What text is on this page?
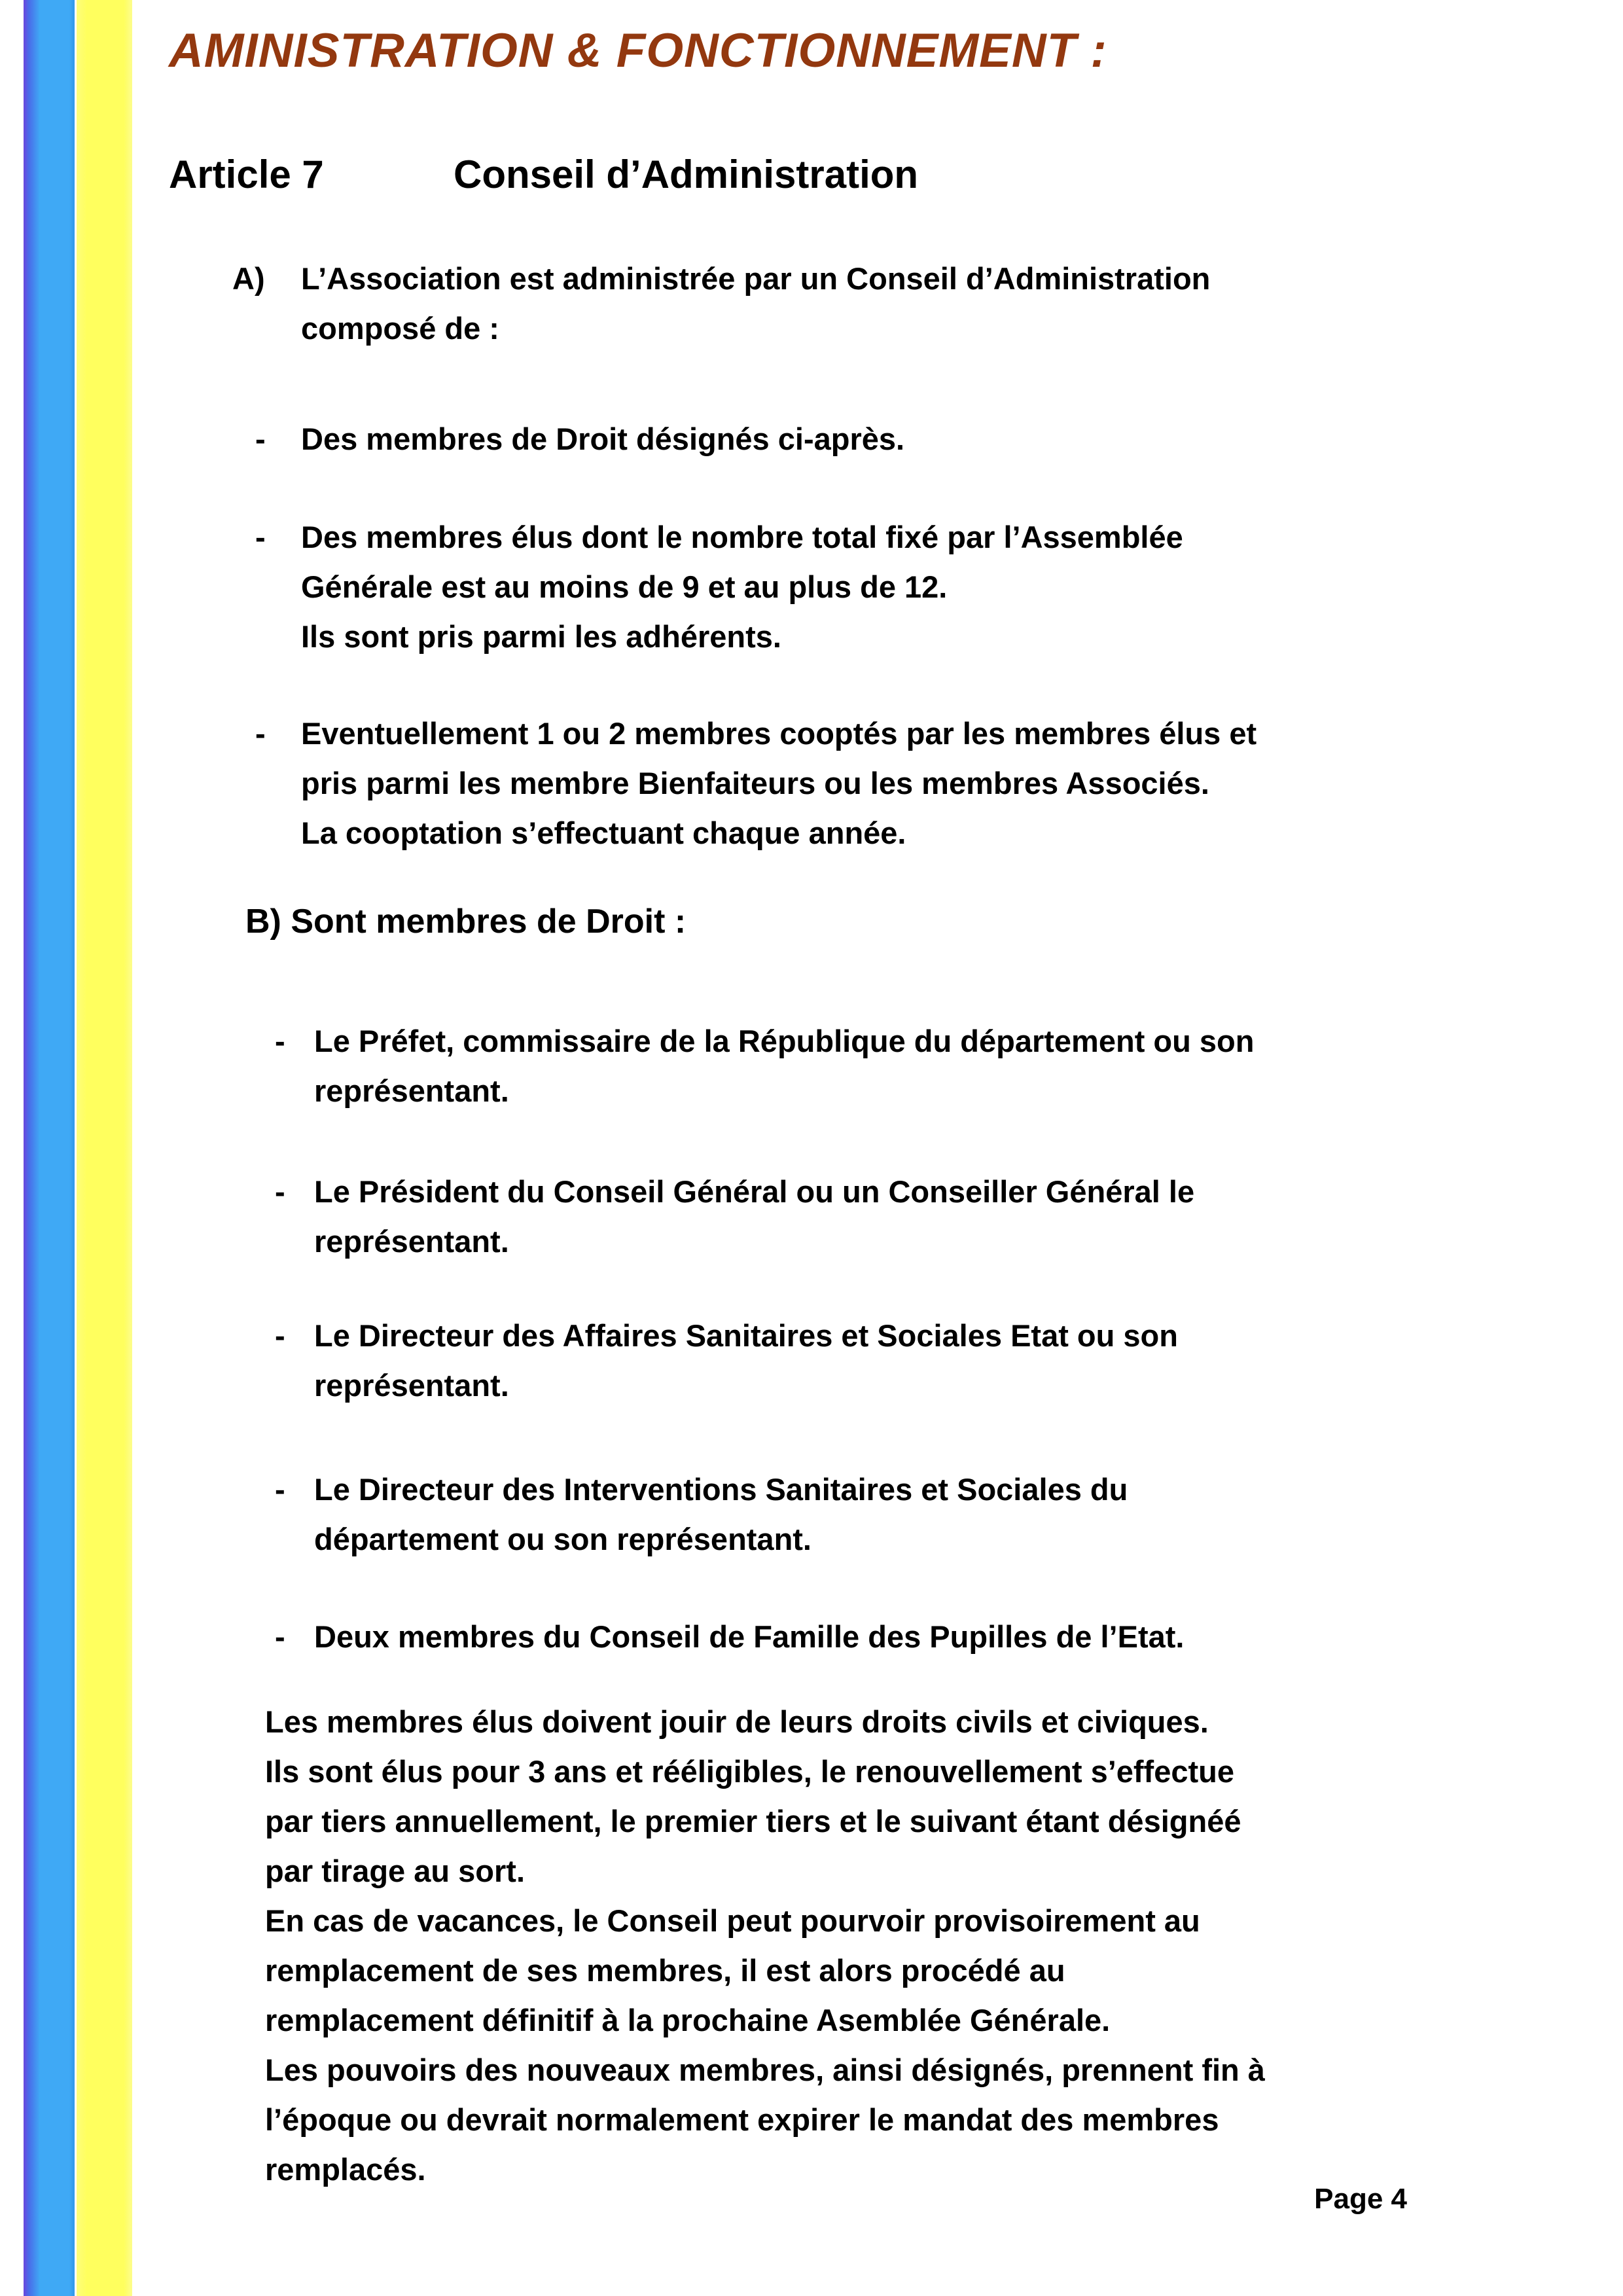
AMINISTRATION & FONCTIONNEMENT :
Article 7	Conseil d’Administration
A)	L’Association est administrée par un Conseil d’Administration
composé de :
-	Des membres de Droit désignés ci-après.
-	Des membres élus dont le nombre total fixé par l’Assemblée
Générale est au moins de 9 et au plus de 12.
Ils sont pris parmi les adhérents.
-	Eventuellement 1 ou 2 membres cooptés par les membres élus et
pris parmi les membre Bienfaiteurs ou les membres Associés.
La cooptation s’effectuant chaque année.
B) Sont membres de Droit :
- Le Préfet, commissaire de la République du département ou son
représentant.
- Le Président du Conseil Général ou un Conseiller Général le
représentant.
- Le Directeur des Affaires Sanitaires et Sociales Etat ou son
représentant.
- Le Directeur des Interventions Sanitaires et Sociales du
département ou son représentant.
- Deux membres du Conseil de Famille des Pupilles de l’Etat.
Les membres élus doivent jouir de leurs droits civils et civiques.
Ils sont élus pour 3 ans et rééligibles, le renouvellement s’effectue
par tiers annuellement, le premier tiers et le suivant étant désignéé
par tirage au sort.
En cas de vacances, le Conseil peut pourvoir provisoirement au
remplacement de ses membres, il est alors procédé au
remplacement définitif à la prochaine Asemblée Générale.
Les pouvoirs des nouveaux membres, ainsi désignés, prennent fin à
l’époque ou devrait normalement expirer le mandat des membres
remplacés.
Page 4
